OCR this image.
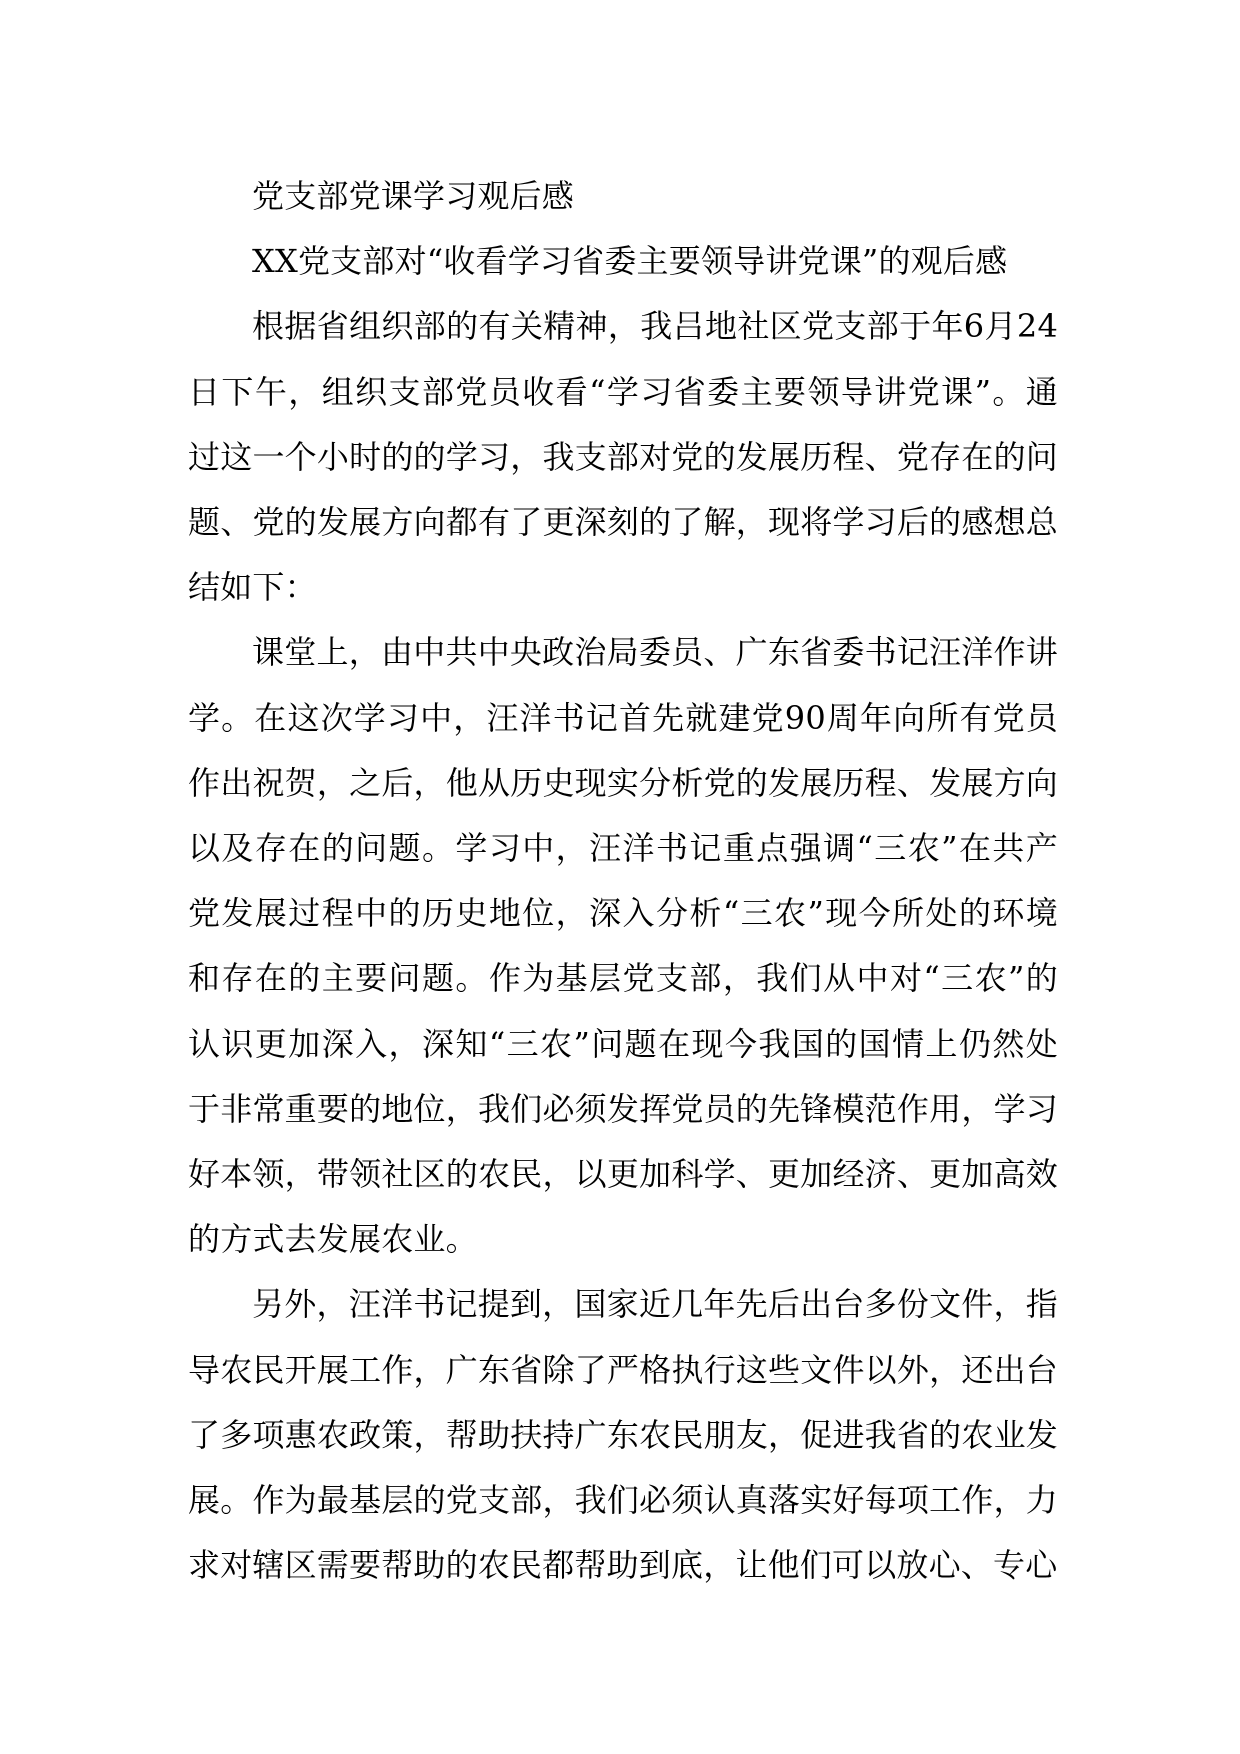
党支部党课学习观后感

XX党支部对“收看学习省委主要领导讲党课”的观后感

根据省组织部的有关精神，我吕地社区党支部于年6月24日下午，组织支部党员收看“学习省委主要领导讲党课”。通过这一个小时的的学习，我支部对党的发展历程、党存在的问题、党的发展方向都有了更深刻的了解，现将学习后的感想总结如下：

课堂上，由中共中央政治局委员、广东省委书记汪洋作讲学。在这次学习中，汪洋书记首先就建党90周年向所有党员作出祝贺，之后，他从历史现实分析党的发展历程、发展方向以及存在的问题。学习中，汪洋书记重点强调“三农”在共产党发展过程中的历史地位，深入分析“三农”现今所处的环境和存在的主要问题。作为基层党支部，我们从中对“三农”的认识更加深入，深知“三农”问题在现今我国的国情上仍然处于非常重要的地位，我们必须发挥党员的先锋模范作用，学习好本领，带领社区的农民，以更加科学、更加经济、更加高效的方式去发展农业。

另外，汪洋书记提到，国家近几年先后出台多份文件，指导农民开展工作，广东省除了严格执行这些文件以外，还出台了多项惠农政策，帮助扶持广东农民朋友，促进我省的农业发展。作为最基层的党支部，我们必须认真落实好每项工作，力求对辖区需要帮助的农民都帮助到底，让他们可以放心、专心
